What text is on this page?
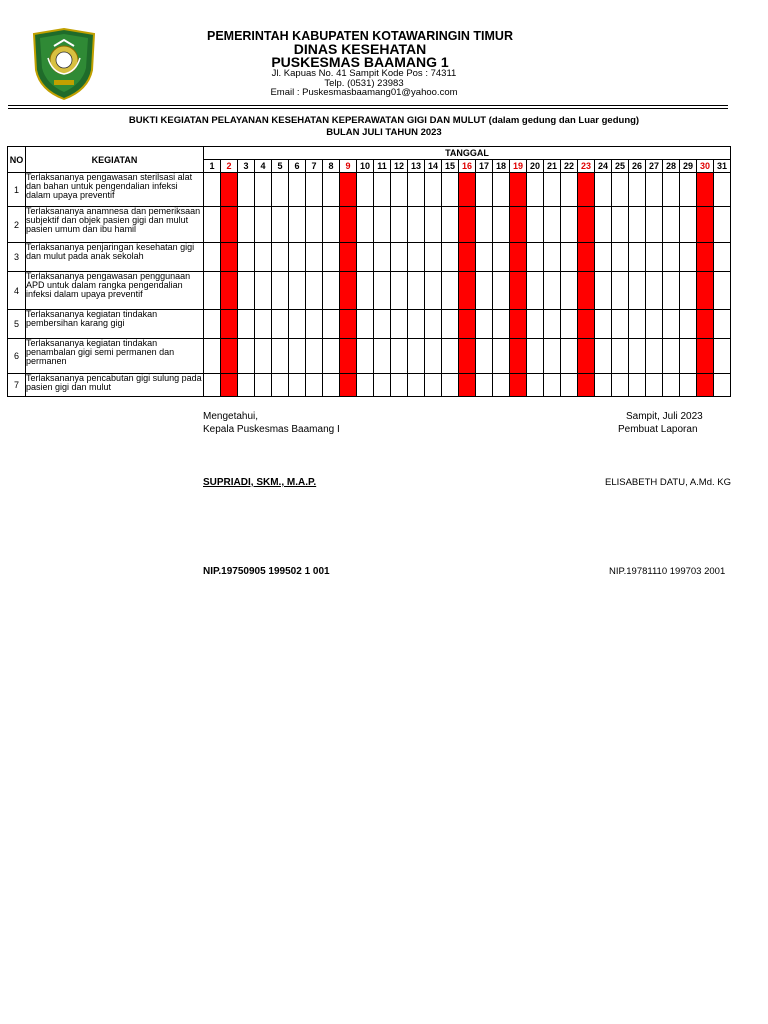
PEMERINTAH KABUPATEN KOTAWARINGIN TIMUR
DINAS KESEHATAN
PUSKESMAS BAAMANG 1
Jl. Kapuas No. 41 Sampit Kode Pos : 74311
Telp. (0531) 23983
Email : Puskesmasbaamang01@yahoo.com
BUKTI KEGIATAN PELAYANAN KESEHATAN KEPERAWATAN GIGI DAN MULUT (dalam gedung dan Luar gedung)
BULAN JULI TAHUN 2023
NO	KEGIATAN	TANGGAL																														
		1	2	3	4	5	6	7	8	9	10	11	12	13	14	15	16	17	18	19	20	21	22	23	24	25	26	27	28	29	30	31
1	Terlaksananya pengawasan sterilsasi alat dan bahan untuk pengendalian infeksi dalam upaya preventif																															
2	Terlaksananya anamnesa dan pemeriksaan subjektif dan objek pasien gigi dan mulut pasien umum dan ibu hamil																															
3	Terlaksananya penjaringan kesehatan gigi dan mulut pada anak sekolah																															
4	Terlaksananya pengawasan penggunaan APD untuk dalam rangka pengendalian infeksi dalam upaya preventif																															
5	Terlaksananya kegiatan tindakan pembersihan karang gigi																															
6	Terlaksananya kegiatan tindakan penambalan gigi semi permanen dan permanen																															
7	Terlaksananya pencabutan gigi sulung pada pasien gigi dan mulut																															
Mengetahui,
Kepala Puskesmas Baamang I
SUPRIADI, SKM., M.A.P.
NIP.19750905 199502 1 001
Sampit, Juli 2023
Pembuat Laporan
ELISABETH DATU, A.Md. KG
NIP.19781110 199703 2001
